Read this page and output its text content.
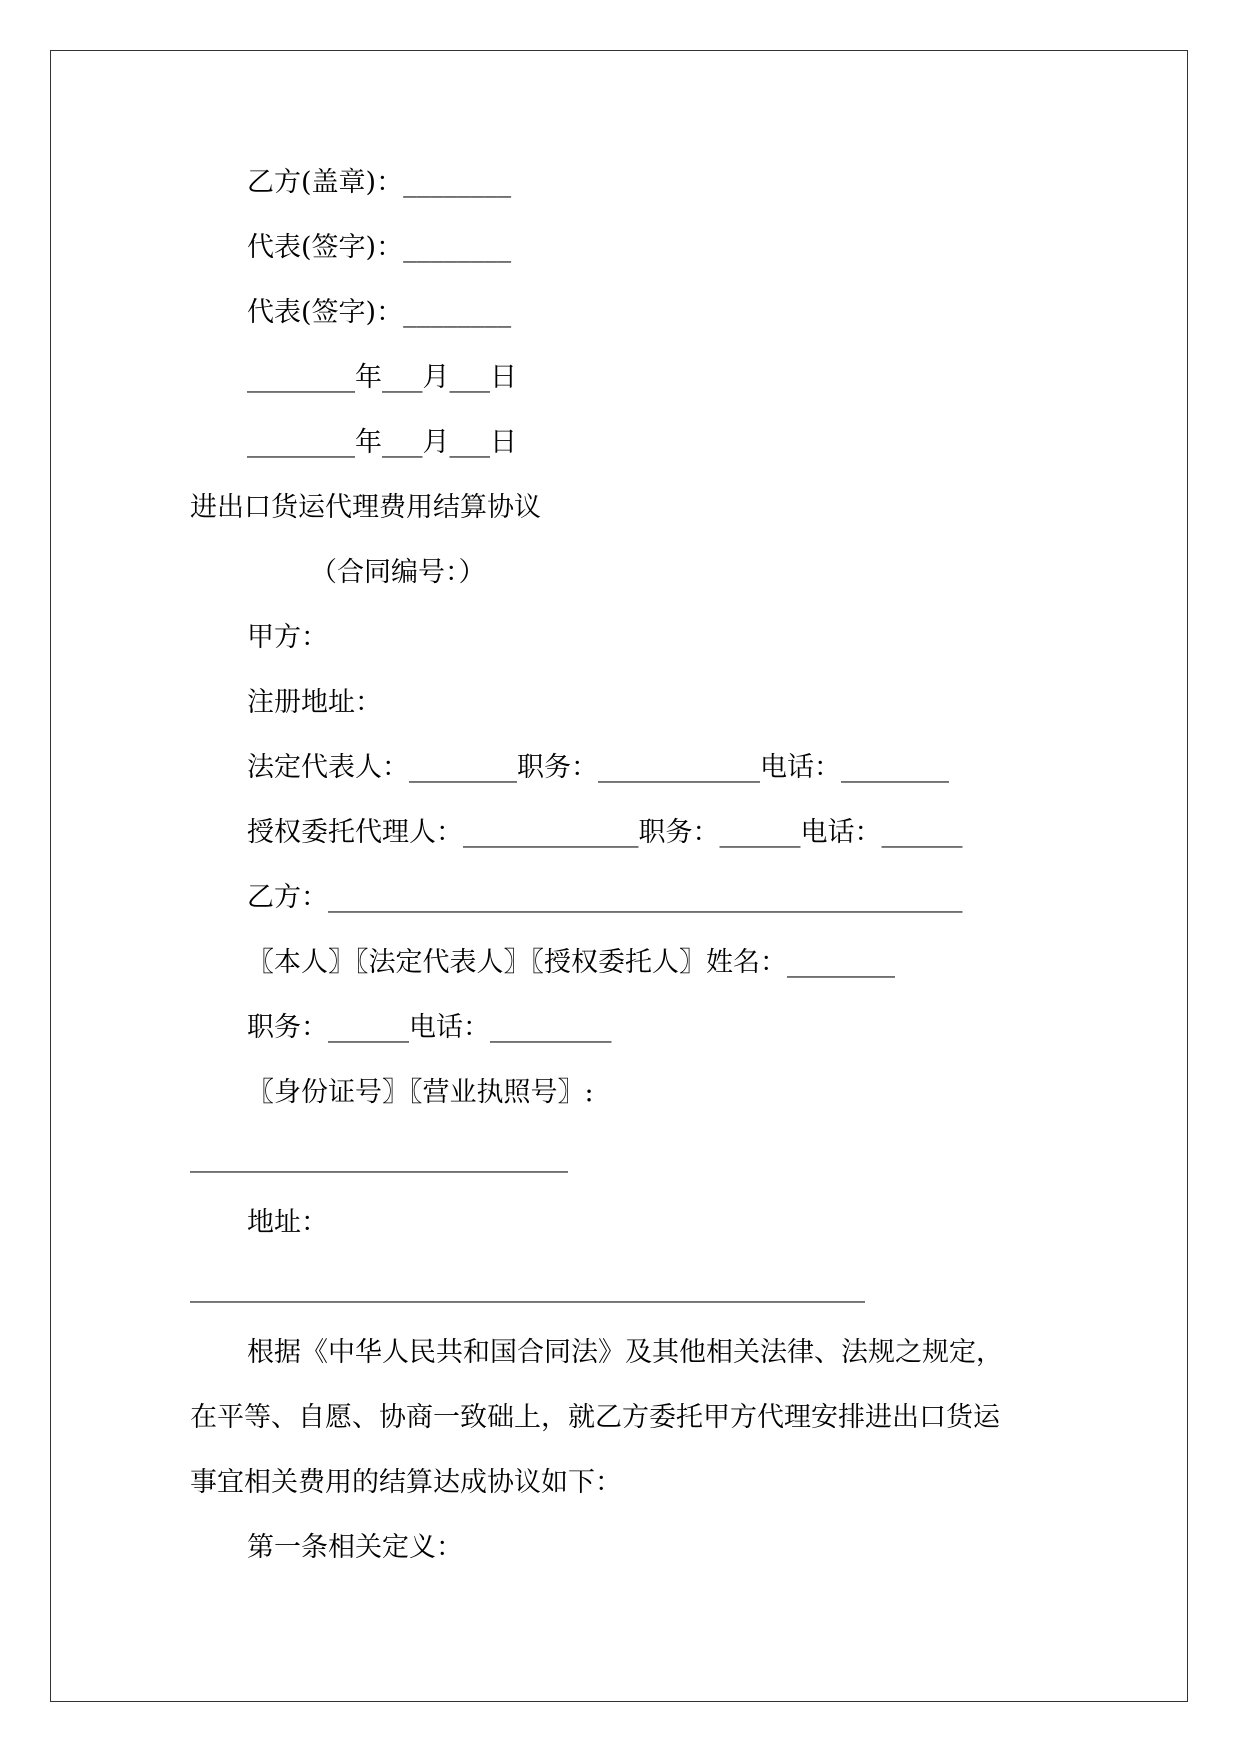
乙方(盖章)：________
代表(签字)：________
代表(签字)：________
________年___月___日
________年___月___日
进出口货运代理费用结算协议
（合同编号：）
甲方：
注册地址：
法定代表人：________职务：____________电话：________
授权委托代理人：_____________职务：______电话：______
乙方：_______________________________________________
〖本人〗〖法定代表人〗〖授权委托人〗姓名：________
职务：______电话：_________
〖身份证号〗〖营业执照号〗:
____________________________
地址：
__________________________________________________
根据《中华人民共和国合同法》及其他相关法律、法规之规定，
在平等、自愿、协商一致础上，就乙方委托甲方代理安排进出口货运
事宜相关费用的结算达成协议如下：
第一条相关定义：
